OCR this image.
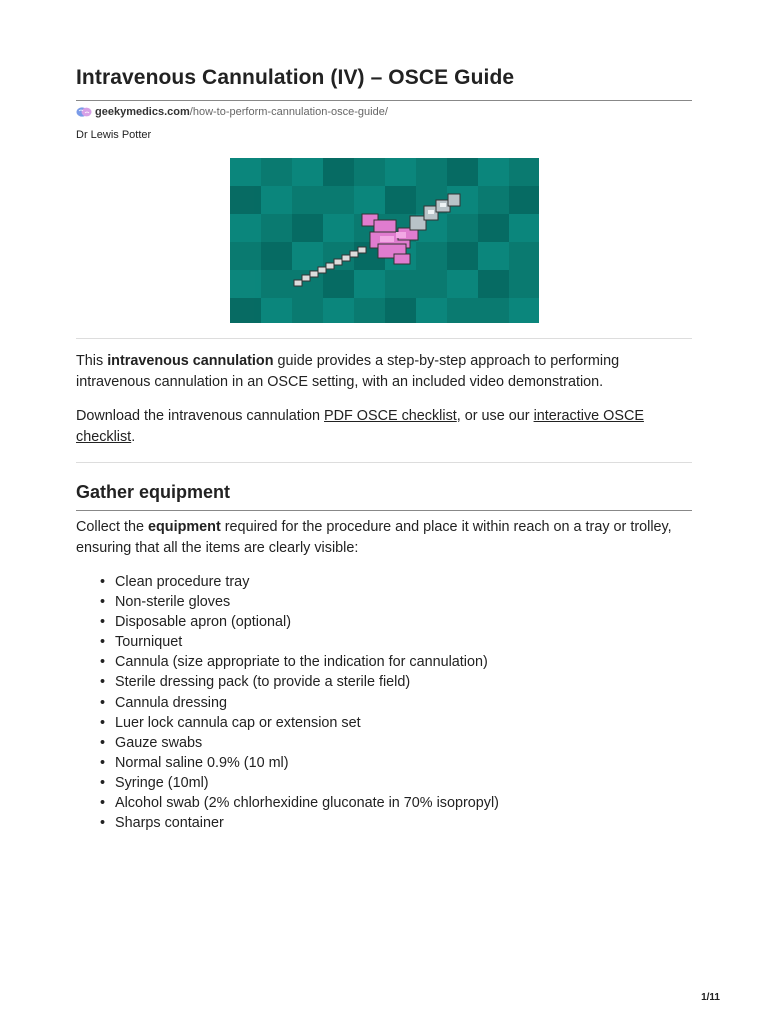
Intravenous Cannulation (IV) – OSCE Guide
geekymedics.com /how-to-perform-cannulation-osce-guide/
Dr Lewis Potter

This intravenous cannulation guide provides a step-by-step approach to performing intravenous cannulation in an OSCE setting, with an included video demonstration.

Download the intravenous cannulation PDF OSCE checklist, or use our interactive OSCE checklist.

Gather equipment

Collect the equipment required for the procedure and place it within reach on a tray or trolley, ensuring that all the items are clearly visible:

• Clean procedure tray
• Non-sterile gloves
• Disposable apron (optional)
• Tourniquet
• Cannula (size appropriate to the indication for cannulation)
• Sterile dressing pack (to provide a sterile field)
• Cannula dressing
• Luer lock cannula cap or extension set
• Gauze swabs
• Normal saline 0.9% (10 ml)
• Syringe (10ml)
• Alcohol swab (2% chlorhexidine gluconate in 70% isopropyl)
• Sharps container
1/11
